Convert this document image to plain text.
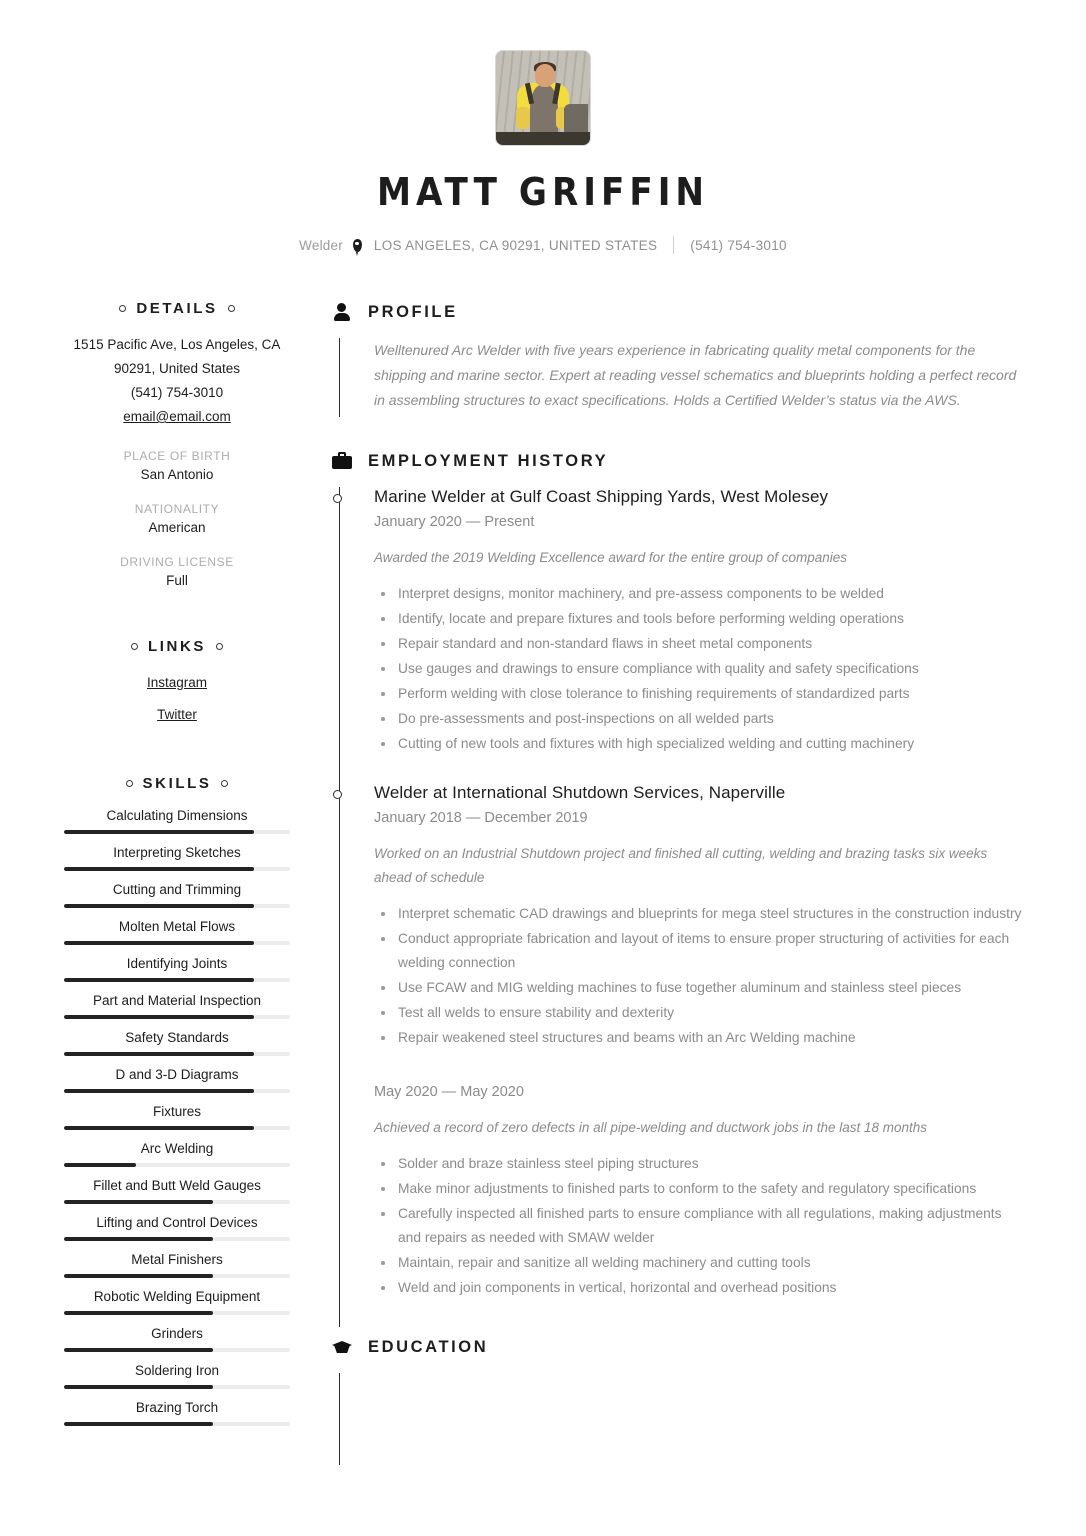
MATT GRIFFIN
Welder LOS ANGELES, CA 90291, UNITED STATES (541) 754-3010
DETAILS
1515 Pacific Ave, Los Angeles, CA
90291, United States
(541) 754-3010
email@email.com
PLACE OF BIRTH
San Antonio
NATIONALITY
American
DRIVING LICENSE
Full
LINKS
Instagram
Twitter
SKILLS
Calculating Dimensions
Interpreting Sketches
Cutting and Trimming
Molten Metal Flows
Identifying Joints
Part and Material Inspection
Safety Standards
D and 3-D Diagrams
Fixtures
Arc Welding
Fillet and Butt Weld Gauges
Lifting and Control Devices
Metal Finishers
Robotic Welding Equipment
Grinders
Soldering Iron
Brazing Torch
PROFILE

Welltenured Arc Welder with five years experience in fabricating quality metal components for the shipping and marine sector. Expert at reading vessel schematics and blueprints holding a perfect record in assembling structures to exact specifications. Holds a Certified Welder’s status via the AWS.

EMPLOYMENT HISTORY
Marine Welder at Gulf Coast Shipping Yards, West Molesey
January 2020 — Present
Awarded the 2019 Welding Excellence award for the entire group of companies
Interpret designs, monitor machinery, and pre-assess components to be welded
Identify, locate and prepare fixtures and tools before performing welding operations
Repair standard and non-standard flaws in sheet metal components
Use gauges and drawings to ensure compliance with quality and safety specifications
Perform welding with close tolerance to finishing requirements of standardized parts
Do pre-assessments and post-inspections on all welded parts
Cutting of new tools and fixtures with high specialized welding and cutting machinery
Welder at International Shutdown Services, Naperville
January 2018 — December 2019
Worked on an Industrial Shutdown project and finished all cutting, welding and brazing tasks six weeks ahead of schedule
Interpret schematic CAD drawings and blueprints for mega steel structures in the construction industry
Conduct appropriate fabrication and layout of items to ensure proper structuring of activities for each welding connection
Use FCAW and MIG welding machines to fuse together aluminum and stainless steel pieces
Test all welds to ensure stability and dexterity
Repair weakened steel structures and beams with an Arc Welding machine
May 2020 — May 2020
Achieved a record of zero defects in all pipe-welding and ductwork jobs in the last 18 months
Solder and braze stainless steel piping structures
Make minor adjustments to finished parts to conform to the safety and regulatory specifications
Carefully inspected all finished parts to ensure compliance with all regulations, making adjustments and repairs as needed with SMAW welder
Maintain, repair and sanitize all welding machinery and cutting tools
Weld and join components in vertical, horizontal and overhead positions
EDUCATION
